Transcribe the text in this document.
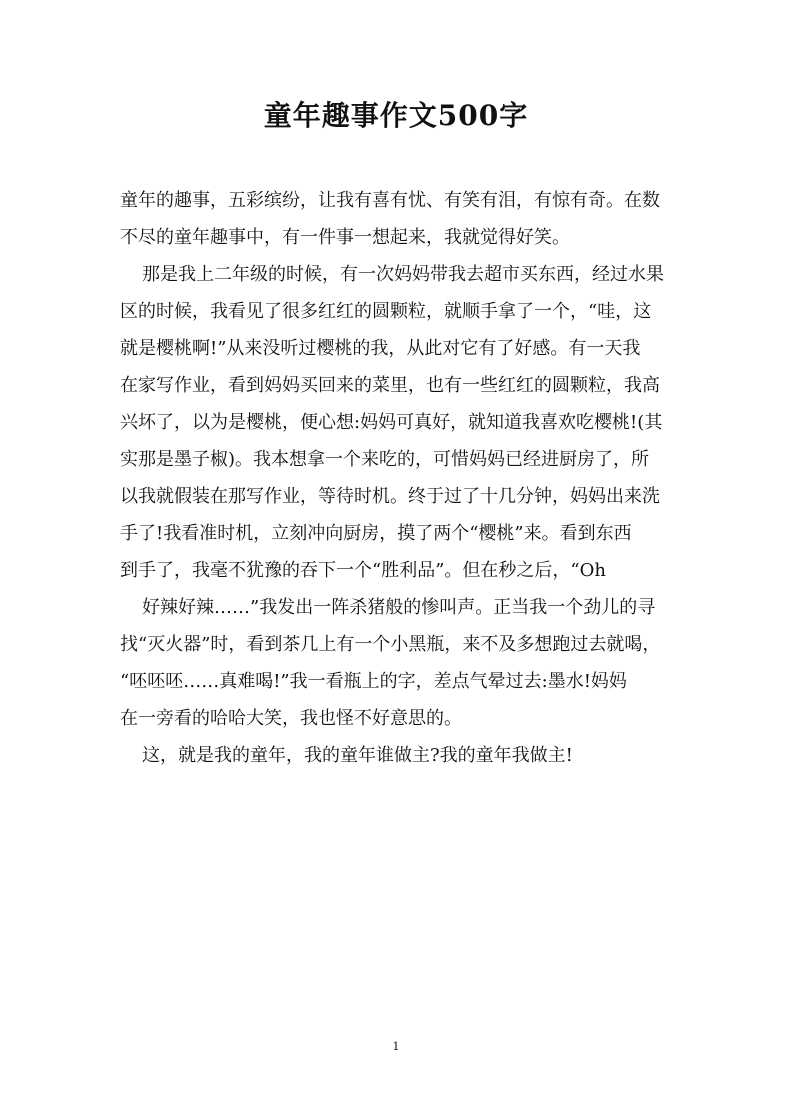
童年趣事作文500字
童年的趣事，五彩缤纷，让我有喜有忧、有笑有泪，有惊有奇。在数
不尽的童年趣事中，有一件事一想起来，我就觉得好笑。
那是我上二年级的时候，有一次妈妈带我去超市买东西，经过水果
区的时候，我看见了很多红红的圆颗粒，就顺手拿了一个，“哇，这
就是樱桃啊!”从来没听过樱桃的我，从此对它有了好感。有一天我
在家写作业，看到妈妈买回来的菜里，也有一些红红的圆颗粒，我高
兴坏了，以为是樱桃，便心想:妈妈可真好，就知道我喜欢吃樱桃!(其
实那是墨子椒)。我本想拿一个来吃的，可惜妈妈已经进厨房了，所
以我就假装在那写作业，等待时机。终于过了十几分钟，妈妈出来洗
手了!我看准时机，立刻冲向厨房，摸了两个“樱桃”来。看到东西
到手了，我毫不犹豫的吞下一个“胜利品”。但在秒之后，“Oh
好辣好辣……”我发出一阵杀猪般的惨叫声。正当我一个劲儿的寻
找“灭火器”时，看到茶几上有一个小黑瓶，来不及多想跑过去就喝，
“呸呸呸……真难喝!”我一看瓶上的字，差点气晕过去:墨水!妈妈
在一旁看的哈哈大笑，我也怪不好意思的。
这，就是我的童年，我的童年谁做主?我的童年我做主!
1
